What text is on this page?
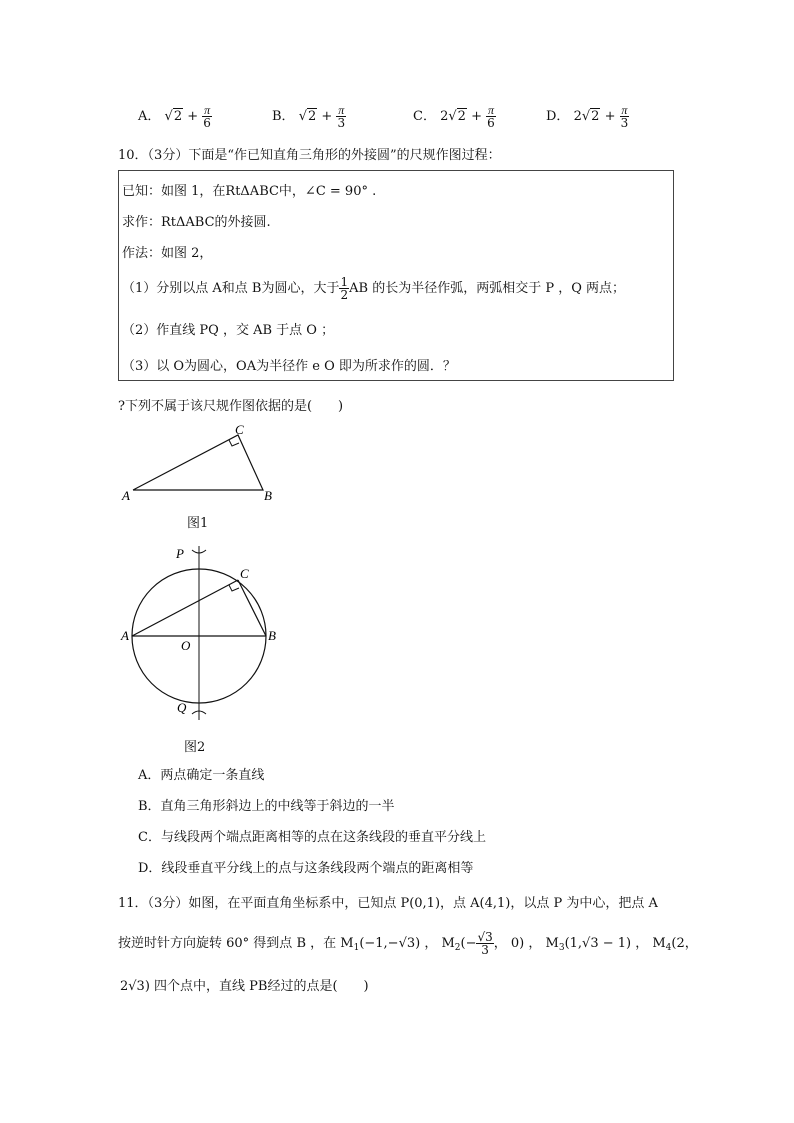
A． $√2 + \frac{\pi}{6}$	B． $√2 + \frac{\pi}{3}$	C． $2√2 + \frac{\pi}{6}$	D． $2√2 + \frac{\pi}{3}$
10．（3分）下面是“作已知直角三角形的外接圆”的尺规作图过程：
已知：如图 1，在RtΔABC中，∠C = 90° .
求作：RtΔABC的外接圆.
作法：如图 2，
（1）分别以点 A和点 B为圆心，大于 $\frac{1}{2}$ AB 的长为半径作弧，两弧相交于 P ，Q 两点；
（2）作直线 PQ ，交 AB 于点 O ；
（3）以 O为圆心，OA为半径作 e O 即为所求作的圆．？
?下列不属于该尺规作图依据的是(　　)
A	B
C
图1
P
Q
C
A	B
O
图2
A．两点确定一条直线
B．直角三角形斜边上的中线等于斜边的一半
C．与线段两个端点距离相等的点在这条线段的垂直平分线上
D．线段垂直平分线上的点与这条线段两个端点的距离相等
11．（3分）如图，在平面直角坐标系中，已知点 P(0,1)，点 A(4,1)，以点 P 为中心，把点 A
按逆时针方向旋转 60° 得到点 B ，在 $M_1(-1,-√3)$ ， $M_2(- \frac{√3}{3}$ ， 0) ， $M_3(1,√3 - 1)$ ， $M_4(2$，
2√3) 四个点中，直线 PB经过的点是(　　)
